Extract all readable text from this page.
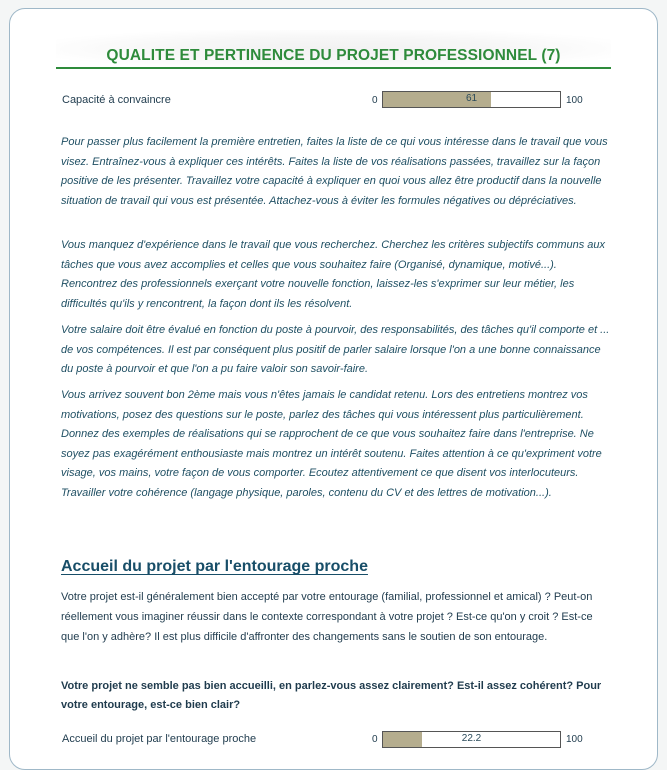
QUALITE ET PERTINENCE DU PROJET PROFESSIONNEL (7)
Capacité à convaincre	0	61	100

Pour passer plus facilement la première entretien, faites la liste de ce qui vous intéresse dans le travail que vous visez. Entraînez-vous à expliquer ces intérêts. Faites la liste de vos réalisations passées, travaillez sur la façon positive de les présenter. Travaillez votre capacité à expliquer en quoi vous allez être productif dans la nouvelle situation de travail qui vous est présentée. Attachez-vous à éviter les formules négatives ou dépréciatives.

Vous manquez d'expérience dans le travail que vous recherchez. Cherchez les critères subjectifs communs aux tâches que vous avez accomplies et celles que vous souhaitez faire (Organisé, dynamique, motivé...). Rencontrez des professionnels exerçant votre nouvelle fonction, laissez-les s'exprimer sur leur métier, les difficultés qu'ils y rencontrent, la façon dont ils les résolvent.

Votre salaire doit être évalué en fonction du poste à pourvoir, des responsabilités, des tâches qu'il comporte et ... de vos compétences. Il est par conséquent plus positif de parler salaire lorsque l'on a une bonne connaissance du poste à pourvoir et que l'on a pu faire valoir son savoir-faire.

Vous arrivez souvent bon 2ème mais vous n'êtes jamais le candidat retenu. Lors des entretiens montrez vos motivations, posez des questions sur le poste, parlez des tâches qui vous intéressent plus particulièrement. Donnez des exemples de réalisations qui se rapprochent de ce que vous souhaitez faire dans l'entreprise. Ne soyez pas exagérément enthousiaste mais montrez un intérêt soutenu. Faites attention à ce qu'expriment votre visage, vos mains, votre façon de vous comporter. Ecoutez attentivement ce que disent vos interlocuteurs. Travailler votre cohérence (langage physique, paroles, contenu du CV et des lettres de motivation...).

Accueil du projet par l'entourage proche

Votre projet est-il généralement bien accepté par votre entourage (familial, professionnel et amical) ? Peut-on réellement vous imaginer réussir dans le contexte correspondant à votre projet ? Est-ce qu'on y croit ? Est-ce que l'on y adhère? Il est plus difficile d'affronter des changements sans le soutien de son entourage.

Votre projet ne semble pas bien accueilli, en parlez-vous assez clairement? Est-il assez cohérent? Pour votre entourage, est-ce bien clair?

Accueil du projet par l'entourage proche	0	22.2	100
